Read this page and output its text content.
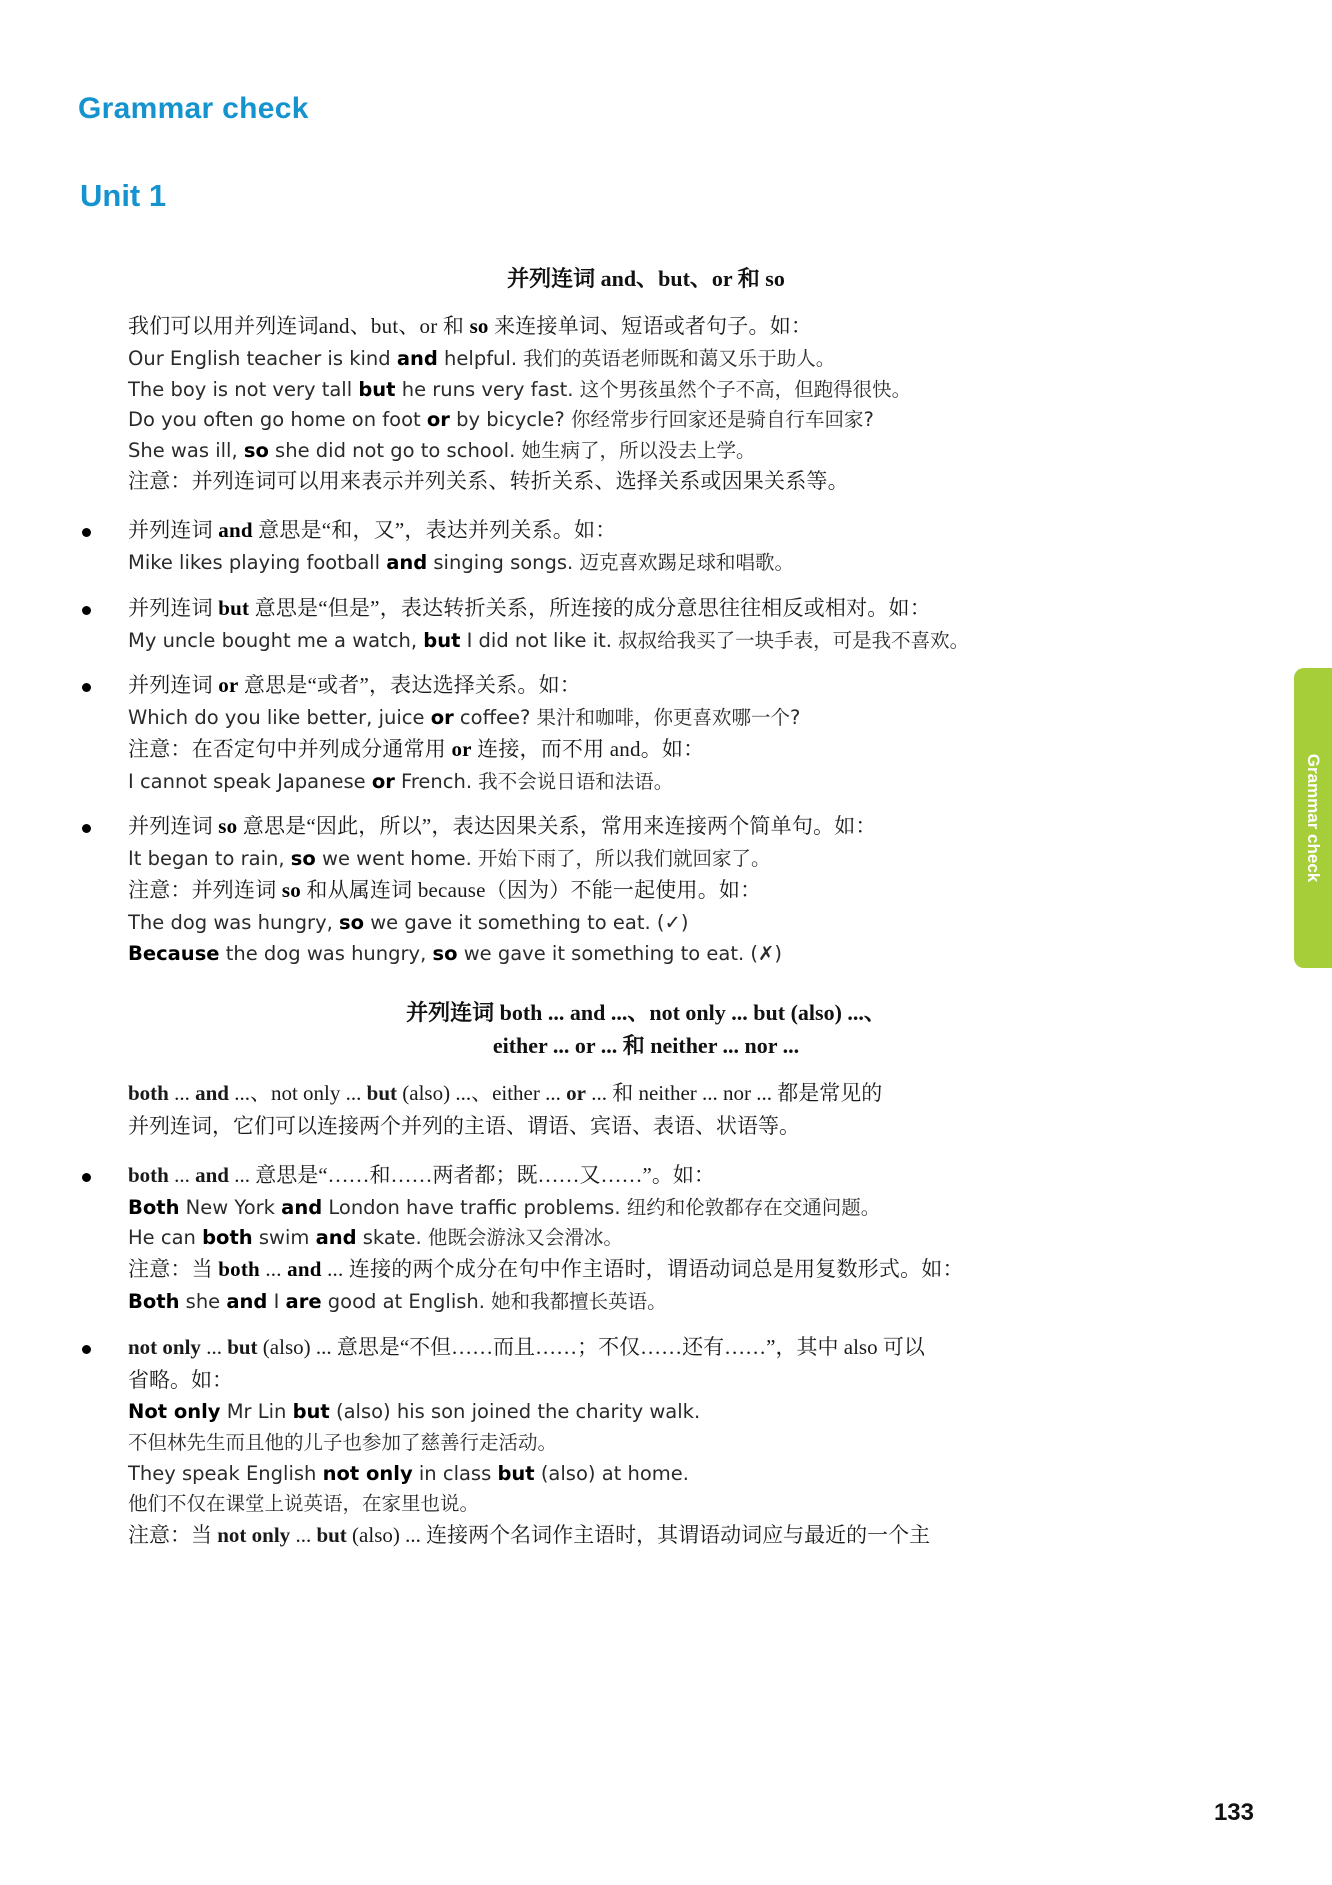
Grammar check
Unit 1
Grammar check
并列连词 and、but、or 和 so

我们可以用并列连词and、but、or 和 so 来连接单词、短语或者句子。如：

Our English teacher is kind and helpful. 我们的英语老师既和蔼又乐于助人。

The boy is not very tall but he runs very fast. 这个男孩虽然个子不高，但跑得很快。

Do you often go home on foot or by bicycle? 你经常步行回家还是骑自行车回家?

She was ill, so she did not go to school. 她生病了，所以没去上学。

注意：并列连词可以用来表示并列关系、转折关系、选择关系或因果关系等。

并列连词 and 意思是“和，又”，表达并列关系。如：

Mike likes playing football and singing songs. 迈克喜欢踢足球和唱歌。

并列连词 but 意思是“但是”，表达转折关系，所连接的成分意思往往相反或相对。如：

My uncle bought me a watch, but I did not like it. 叔叔给我买了一块手表，可是我不喜欢。

并列连词 or 意思是“或者”，表达选择关系。如：

Which do you like better, juice or coffee? 果汁和咖啡，你更喜欢哪一个?

注意：在否定句中并列成分通常用 or 连接，而不用 and。如：

I cannot speak Japanese or French. 我不会说日语和法语。

并列连词 so 意思是“因此，所以”，表达因果关系，常用来连接两个简单句。如：

It began to rain, so we went home. 开始下雨了，所以我们就回家了。

注意：并列连词 so 和从属连词 because（因为）不能一起使用。如：

The dog was hungry, so we gave it something to eat. (✓)

Because the dog was hungry, so we gave it something to eat. (✗)

并列连词 both ... and ...、not only ... but (also) ...、
either ... or ... 和 neither ... nor ...

both ... and ...、not only ... but (also) ...、either ... or ... 和 neither ... nor ... 都是常见的

并列连词，它们可以连接两个并列的主语、谓语、宾语、表语、状语等。

both ... and ... 意思是“……和……两者都；既……又……”。如：

Both New York and London have traffic problems. 纽约和伦敦都存在交通问题。

He can both swim and skate. 他既会游泳又会滑冰。

注意：当 both ... and ... 连接的两个成分在句中作主语时，谓语动词总是用复数形式。如：

Both she and I are good at English. 她和我都擅长英语。

not only ... but (also) ... 意思是“不但……而且……；不仅……还有……”，其中 also 可以

省略。如：

Not only Mr Lin but (also) his son joined the charity walk.

不但林先生而且他的儿子也参加了慈善行走活动。

They speak English not only in class but (also) at home.

他们不仅在课堂上说英语，在家里也说。

注意：当 not only ... but (also) ... 连接两个名词作主语时，其谓语动词应与最近的一个主

133
